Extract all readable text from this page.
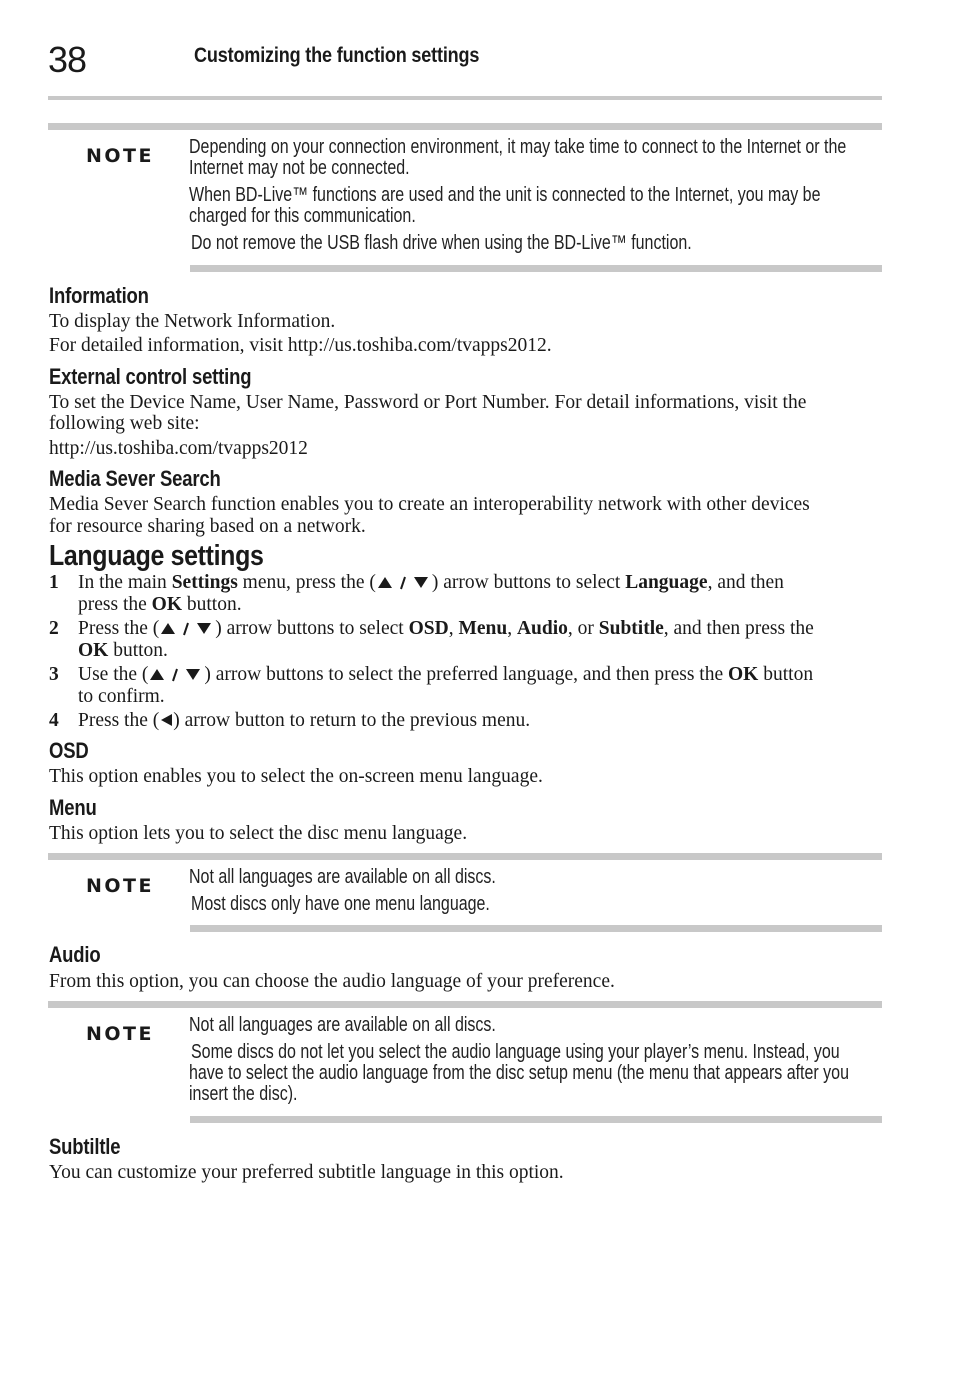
38	Customizing the function settings
NOTE Depending on your connection environment, it may take time to connect to the Internet or the
Internet may not be connected.
When BD-Live™ functions are used and the unit is connected to the Internet, you may be
charged for this communication.
Do not remove the USB flash drive when using the BD-Live™ function.
Information
To display the Network Information.
For detailed information, visit http://us.toshiba.com/tvapps2012.
External control setting
To set the Device Name, User Name, Password or Port Number. For detail informations, visit the
following web site:
http://us.toshiba.com/tvapps2012
Media Sever Search
Media Sever Search function enables you to create an interoperability network with other devices
for resource sharing based on a network.
Language settings
1 In the main Settings menu, press the (	) arrow buttons to select Language, and then
press the OK button.
2 Press the (	) arrow buttons to select OSD, Menu, Audio, or Subtitle, and then press the
OK button.
3 Use the (	) arrow buttons to select the preferred language, and then press the OK button
to confirm.
4 Press the ( ) arrow button to return to the previous menu.
OSD
This option enables you to select the on-screen menu language.
Menu
This option lets you to select the disc menu language.
NOTE Not all languages are available on all discs.
Most discs only have one menu language.
Audio
From this option, you can choose the audio language of your preference.
NOTE Not all languages are available on all discs.
Some discs do not let you select the audio language using your player’s menu. Instead, you
have to select the audio language from the disc setup menu (the menu that appears after you
insert the disc).
Subtiltle
You can customize your preferred subtitle language in this option.
